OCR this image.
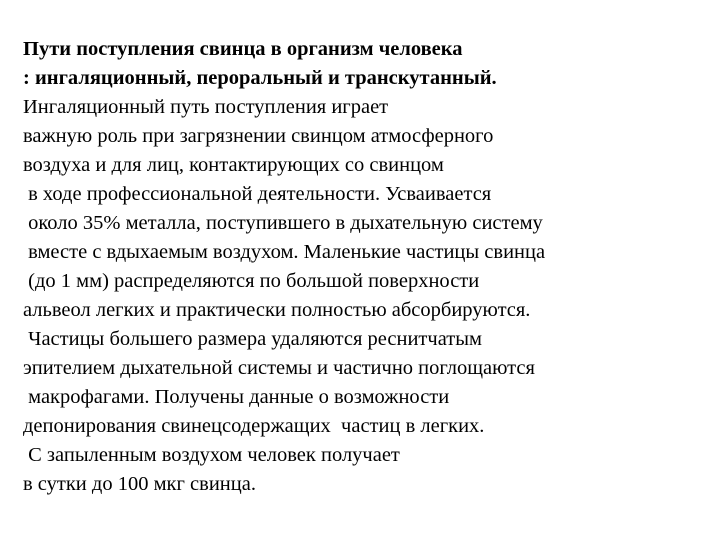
Пути поступления свинца в организм человека
: ингаляционный, пероральный и транскутанный.
Ингаляционный путь поступления играет
важную роль при загрязнении свинцом атмосферного
воздуха и для лиц, контактирующих со свинцом
в ходе профессиональной деятельности. Усваивается
около 35% металла, поступившего в дыхательную систему
вместе с вдыхаемым воздухом. Маленькие частицы свинца
(до 1 мм) распределяются по большой поверхности
альвеол легких и практически полностью абсорбируются.
Частицы большего размера удаляются реснитчатым
эпителием дыхательной системы и частично поглощаются
макрофагами. Получены данные о возможности
депонирования свинецсодержащих  частиц в легких.
С запыленным воздухом человек получает
в сутки до 100 мкг свинца.
